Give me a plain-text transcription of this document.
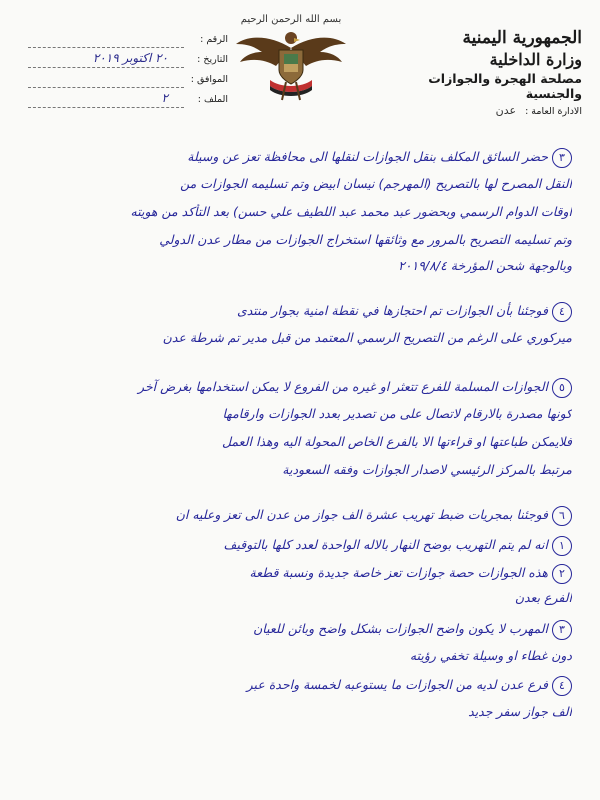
الجمهورية اليمنية
وزارة الداخلية
مصلحة الهجرة والجوازات والجنسية
الادارة العامة : عدن
بسم الله الرحمن الرحيم
الرقم :
التاريخ :
٢٠ اكتوبر ٢٠١٩
الموافق :
الملف :
٢
٣حضر السائق المكلف بنقل الجوازات لنقلها الى محافظة تعز عن وسيلة
النقل المصرح لها بالتصريح (المهرجم) نيسان ابيض وتم تسليمه الجوازات من
اوقات الدوام الرسمي وبحضور عبد محمد عبد اللطيف علي حسن) بعد التأكد من هويته
وتم تسليمه التصريح بالمرور مع وثائقها استخراج الجوازات من مطار عدن الدولي
وبالوجهة شحن المؤرخة ٢٠١٩/٨/٤
٤فوجئنا بأن الجوازات تم احتجازها في نقطة امنية بجوار منتدى
ميركوري على الرغم من التصريح الرسمي المعتمد من قبل مدير تم شرطة عدن
٥الجوازات المسلمة للفرع تتعثر او غيره من الفروع لا يمكن استخدامها بغرض آخر
كونها مصدرة بالارقام لاتصال على من تصدير بعدد الجوازات وارقامها
فلايمكن طباعتها او قراءتها الا بالفرع الخاص المحولة اليه وهذا العمل
مرتبط بالمركز الرئيسي لاصدار الجوازات وفقه السعودية
٦فوجئنا بمجريات ضبط تهريب عشرة الف جواز من عدن الى تعز وعليه ان
١انه لم يتم التهريب بوضح النهار بالاله الواحدة لعدد كلها بالتوقيف
٢هذه الجوازات حصة جوازات تعز خاصة جديدة ونسبة قطعة
الفرع بعدن
٣المهرب لا يكون واضح الجوازات بشكل واضح وبائن للعيان
دون غطاء او وسيلة تخفي رؤيته
٤فرع عدن لديه من الجوازات ما يستوعبه لخمسة واحدة عبر
الف جواز سفر جديد
